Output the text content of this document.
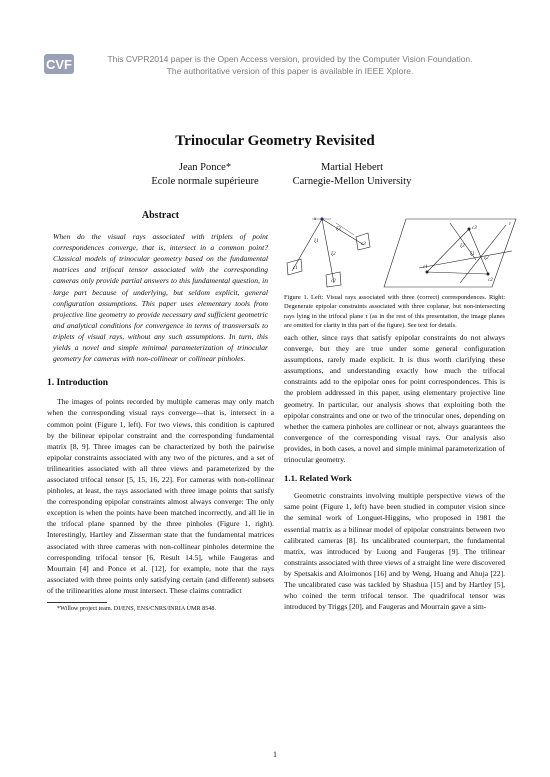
CVF	This CVPR2014 paper is the Open Access version, provided by the Computer Vision Foundation.
The authoritative version of this paper is available in IEEE Xplore.
Trinocular Geometry Revisited
Jean Ponce*
Ecole normale supérieure
Martial Hebert
Carnegie-Mellon University
Abstract

When do the visual rays associated with triplets of point correspondences converge, that is, intersect in a common point? Classical models of trinocular geometry based on the fundamental matrices and trifocal tensor associated with the corresponding cameras only provide partial answers to this fundamental question, in large part because of underlying, but seldom explicit, general configuration assumptions. This paper uses elementary tools from projective line geometry to provide necessary and sufficient geometric and analytical conditions for convergence in terms of transversals to triplets of visual rays, without any such assumptions. In turn, this yields a novel and simple minimal parameterization of trinocular geometry for cameras with non-collinear or collinear pinholes.

1. Introduction

The images of points recorded by multiple cameras may only match when the corresponding visual rays converge—that is, intersect in a common point (Figure 1, left). For two views, this condition is captured by the bilinear epipolar constraint and the corresponding fundamental matrix [8, 9]. Three images can be characterized by both the pairwise epipolar constraints associated with any two of the pictures, and a set of trilinearities associated with all three views and parameterized by the associated trifocal tensor [5, 15, 16, 22]. For cameras with non-collinear pinholes, at least, the rays associated with three image points that satisfy the corresponding epipolar constraints almost always converge: The only exception is when the points have been matched incorrectly, and all lie in the trifocal plane spanned by the three pinholes (Figure 1, right). Interestingly, Hartley and Zisserman state that the fundamental matrices associated with three cameras with non-collinear pinholes determine the corresponding trifocal tensor [6, Result 14.5], while Faugeras and Mourrain [4] and Ponce et al. [12], for example, note that the rays associated with three points only satisfying certain (and different) subsets of the trilinearities alone must intersect. These claims contradict

*Willow project team. DI/ENS, ENS/CNRS/INRIA UMR 8548.
x
ξ3
ξ1
ξ2
c1
c2
c3
τ
ξ1
ξ2
ξ3
c1
c2
c3
Figure 1. Left: Visual rays associated with three (correct) correspondences. Right: Degenerate epipolar constraints associated with three coplanar, but non-intersecting rays lying in the trifocal plane τ (as in the rest of this presentation, the image planes are omitted for clarity in this part of the figure). See text for details.

each other, since rays that satisfy epipolar constraints do not always converge, but they are true under some general configuration assumptions, rarely made explicit. It is thus worth clarifying these assumptions, and understanding exactly how much the trifocal constraints add to the epipolar ones for point correspondences. This is the problem addressed in this paper, using elementary projective line geometry. In particular, our analysis shows that exploiting both the epipolar constraints and one or two of the trinocular ones, depending on whether the camera pinholes are collinear or not, always guarantees the convergence of the corresponding visual rays. Our analysis also provides, in both cases, a novel and simple minimal parameterization of trinocular geometry.

1.1. Related Work

Geometric constraints involving multiple perspective views of the same point (Figure 1, left) have been studied in computer vision since the seminal work of Longuet-Higgins, who proposed in 1981 the essential matrix as a bilinear model of epipolar constraints between two calibrated cameras [8]. Its uncalibrated counterpart, the fundamental matrix, was introduced by Luong and Faugeras [9]. The trilinear constraints associated with three views of a straight line were discovered by Spetsakis and Aloimonos [16] and by Weng, Huang and Ahuja [22]. The uncalibrated case was tackled by Shashua [15] and by Hartley [5], who coined the term trifocal tensor. The quadrifocal tensor was introduced by Triggs [20], and Faugeras and Mourrain gave a sim-

1
